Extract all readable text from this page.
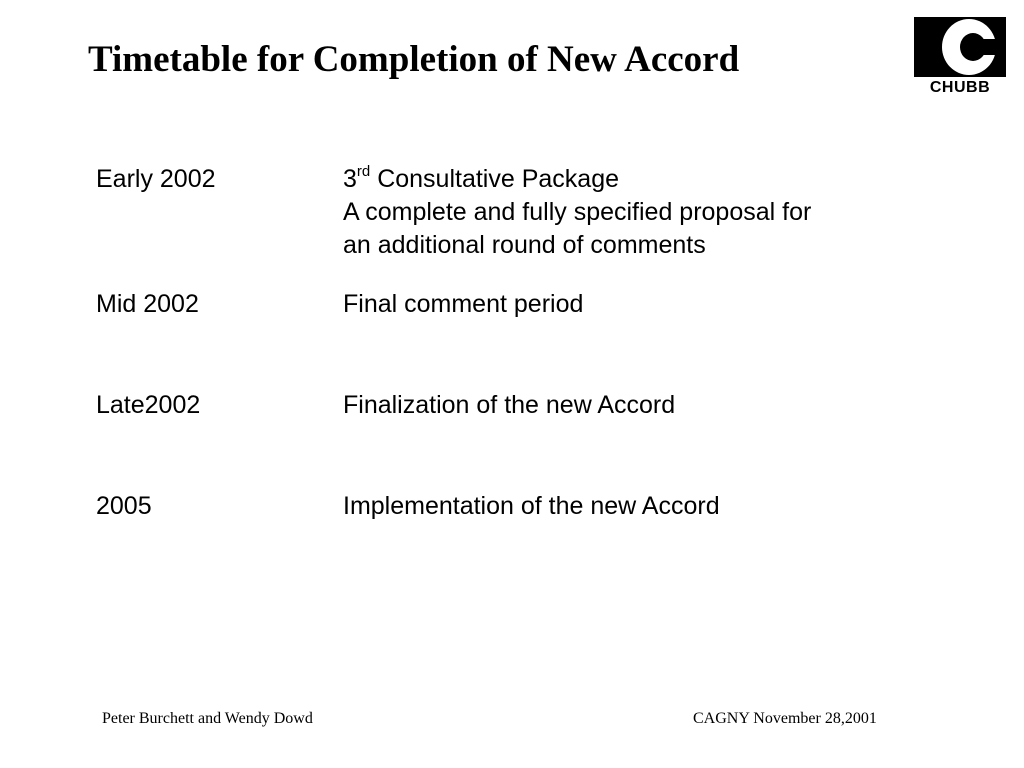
Timetable for Completion of New Accord
CHUBB
Early 2002	3rd Consultative Package
A complete and fully specified proposal for
an additional round of comments
Mid 2002	Final comment period
Late2002	Finalization of the new Accord
2005	Implementation of the new Accord
Peter Burchett and Wendy Dowd	CAGNY November 28,2001
